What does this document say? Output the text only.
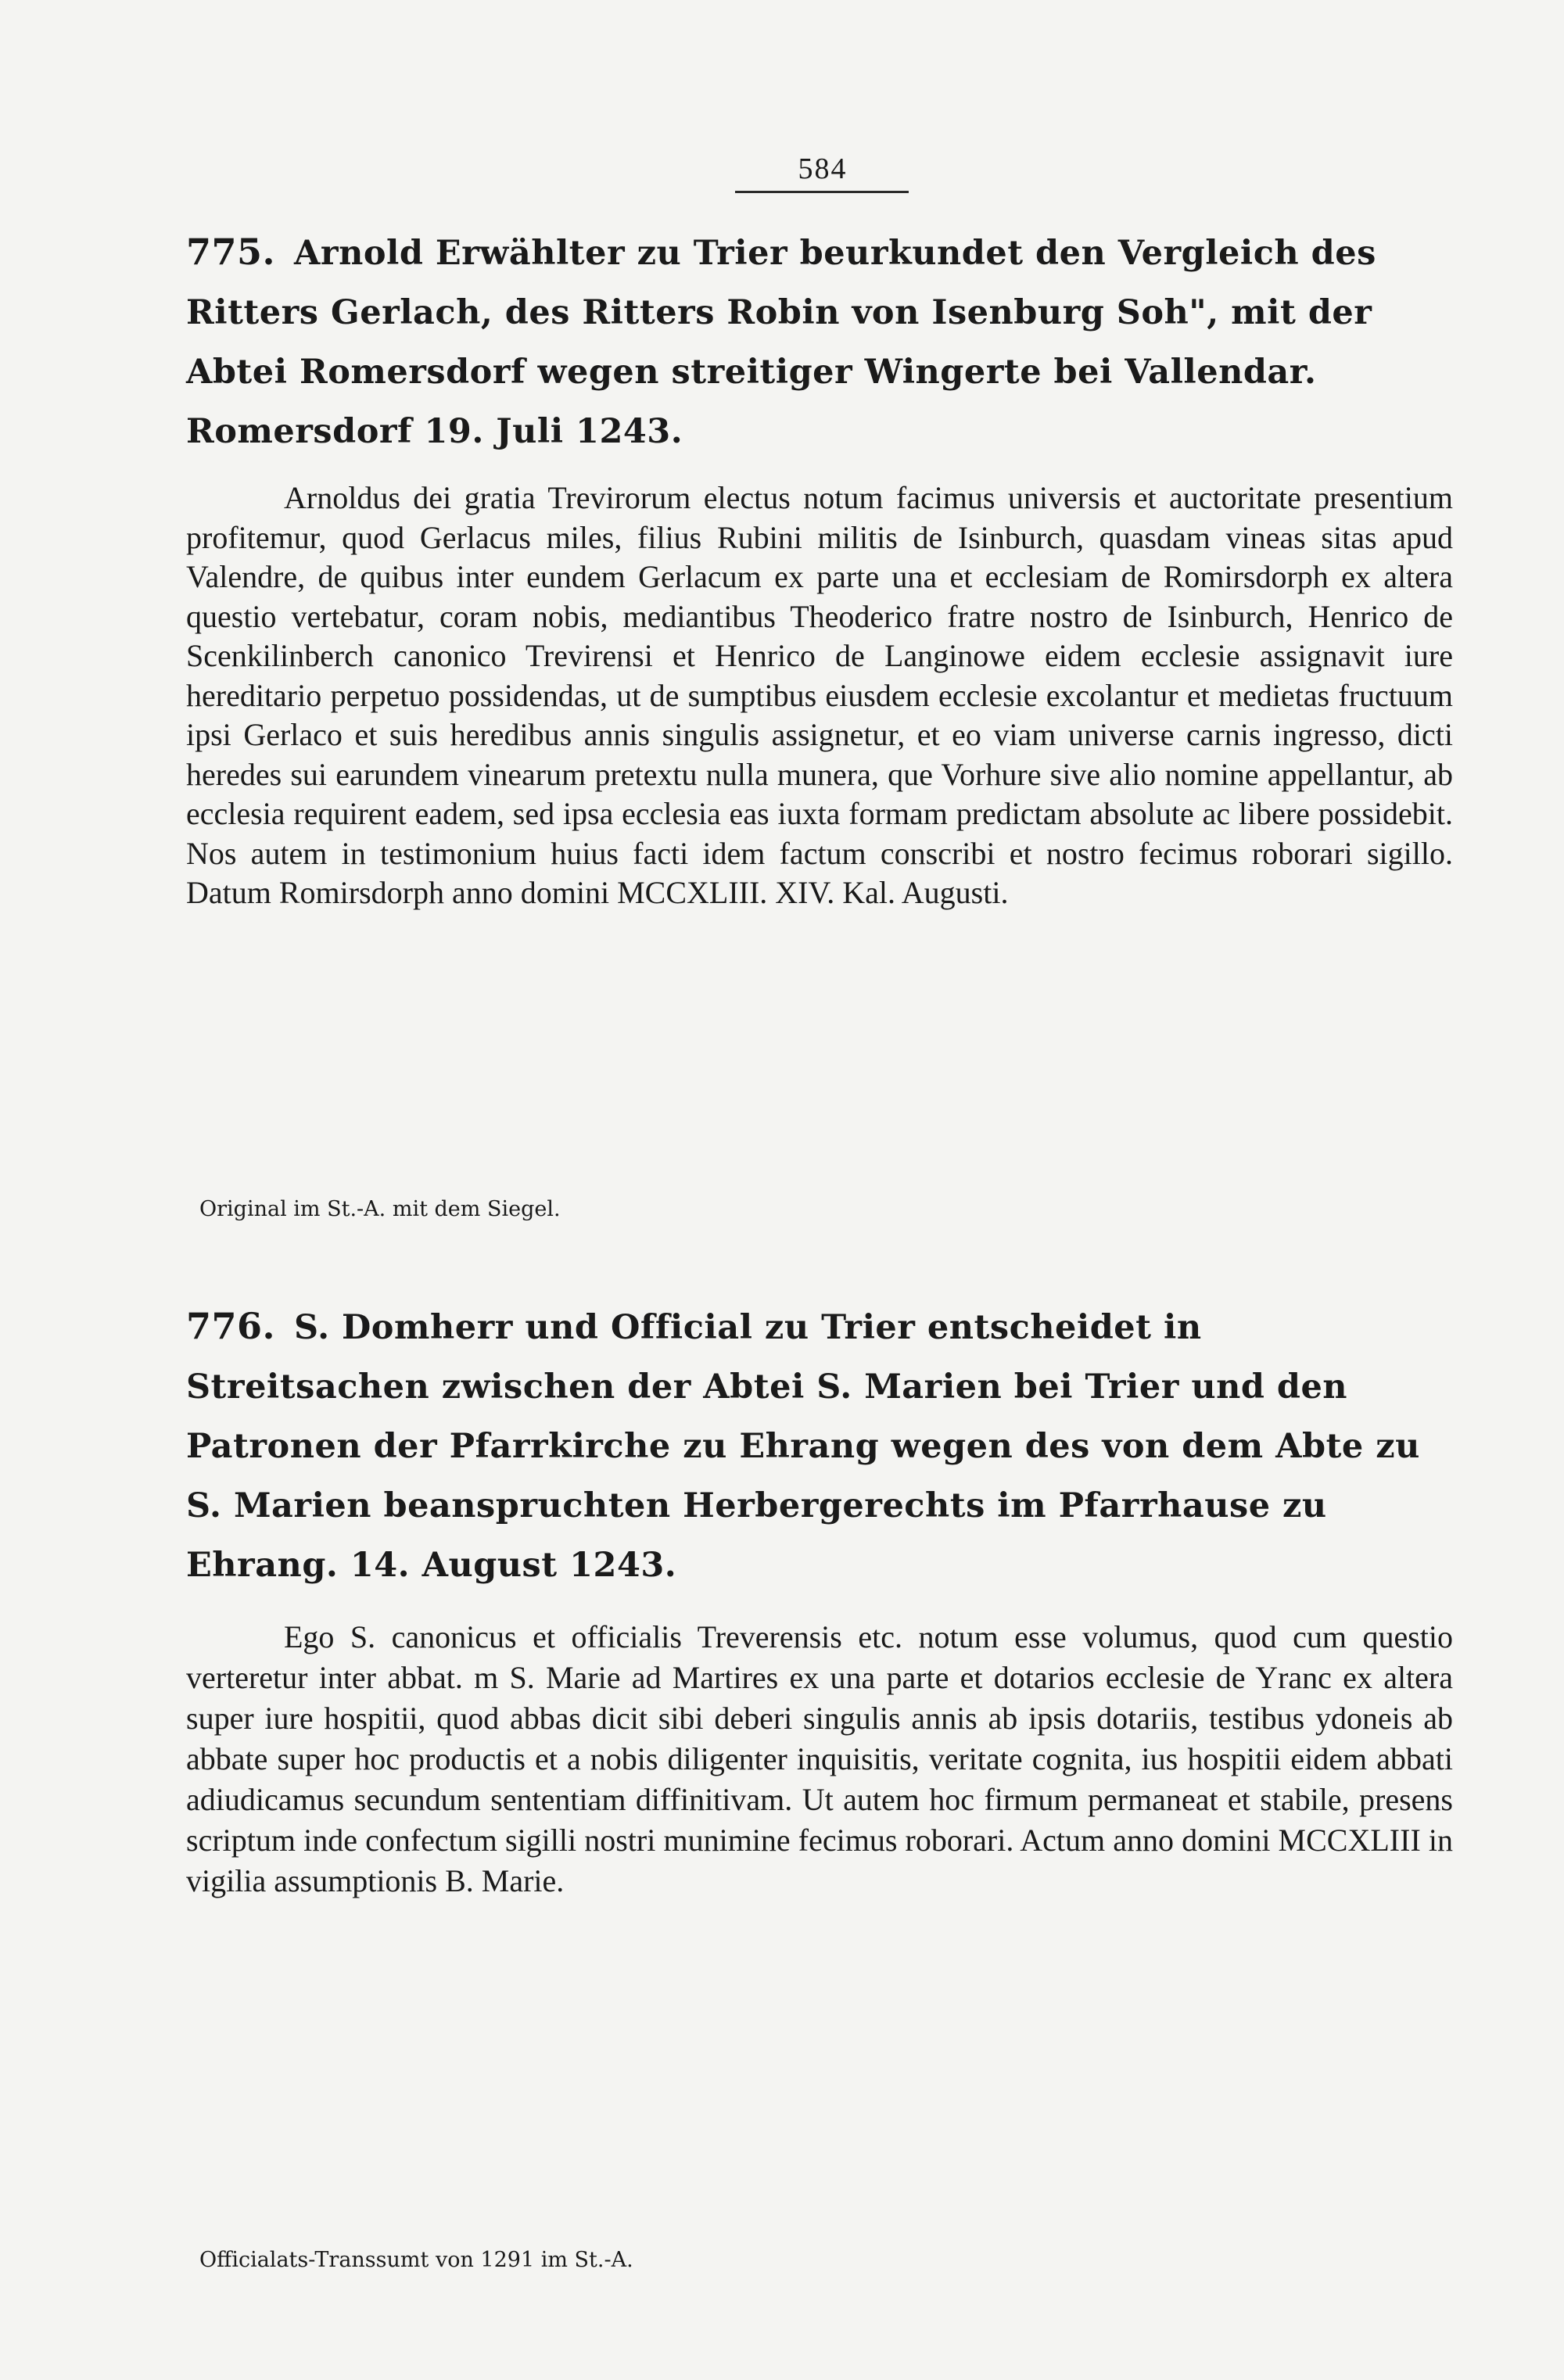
584
775. Arnold Erwählter zu Trier beurkundet den Vergleich des Ritters Gerlach, des Ritters Robin von Isenburg Soh", mit der Abtei Romersdorf wegen streitiger Wingerte bei Vallendar. Romersdorf 19. Juli 1243.
Arnoldus dei gratia Trevirorum electus notum facimus universis et auctoritate presentium profitemur, quod Gerlacus miles, filius Rubini militis de Isinburch, quasdam vineas sitas apud Valendre, de quibus inter eundem Gerlacum ex parte una et ecclesiam de Romirsdorph ex altera questio vertebatur, coram nobis, mediantibus Theoderico fratre nostro de Isinburch, Henrico de Scenkilinberch canonico Trevirensi et Henrico de Langinowe eidem ecclesie assignavit iure hereditario perpetuo possidendas, ut de sumptibus eiusdem ecclesie excolantur et medietas fructuum ipsi Gerlaco et suis heredibus annis singulis assignetur, et eo viam universe carnis ingresso, dicti heredes sui earundem vinearum pretextu nulla munera, que Vorhure sive alio nomine appellantur, ab ecclesia requirent eadem, sed ipsa ecclesia eas iuxta formam predictam absolute ac libere possidebit. Nos autem in testimonium huius facti idem factum conscribi et nostro fecimus roborari sigillo. Datum Romirsdorph anno domini MCCXLIII. XIV. Kal. Augusti.
Original im St.-A. mit dem Siegel.
776. S. Domherr und Official zu Trier entscheidet in Streitsachen zwischen der Abtei S. Marien bei Trier und den Patronen der Pfarrkirche zu Ehrang wegen des von dem Abte zu S. Marien beanspruchten Herbergerechts im Pfarrhause zu Ehrang. 14. August 1243.
Ego S. canonicus et officialis Treverensis etc. notum esse volumus, quod cum questio verteretur inter abbat. m S. Marie ad Martires ex una parte et dotarios ecclesie de Yranc ex altera super iure hospitii, quod abbas dicit sibi deberi singulis annis ab ipsis dotariis, testibus ydoneis ab abbate super hoc productis et a nobis diligenter inquisitis, veritate cognita, ius hospitii eidem abbati adiudicamus secundum sententiam diffinitivam. Ut autem hoc firmum permaneat et stabile, presens scriptum inde confectum sigilli nostri munimine fecimus roborari. Actum anno domini MCCXLIII in vigilia assumptionis B. Marie.
Officialats-Transsumt von 1291 im St.-A.
